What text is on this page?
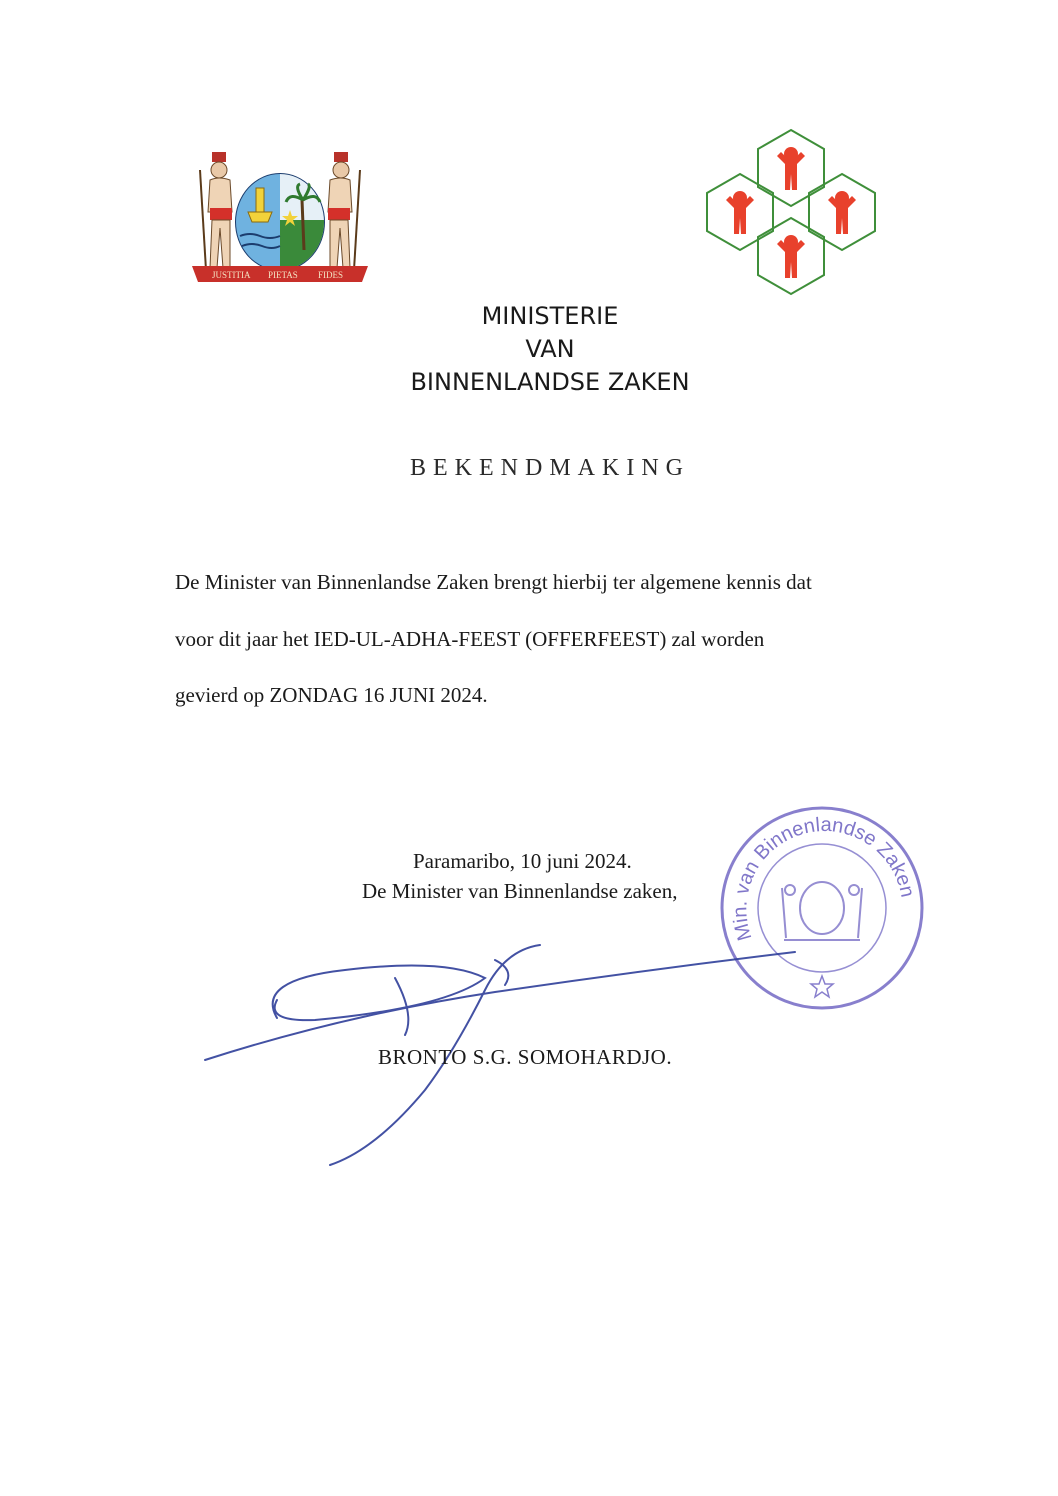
JUSTITIA PIETAS FIDES
MINISTERIE
VAN
BINNENLANDSE ZAKEN
BEKENDMAKING
De Minister van Binnenlandse Zaken brengt hierbij ter algemene kennis dat
voor dit jaar het IED-UL-ADHA-FEEST (OFFERFEEST) zal worden
gevierd op ZONDAG 16 JUNI 2024.
Paramaribo, 10 juni 2024.
De Minister van Binnenlandse zaken,
Min. van Binnenlandse Zaken
BRONTO S.G. SOMOHARDJO.
